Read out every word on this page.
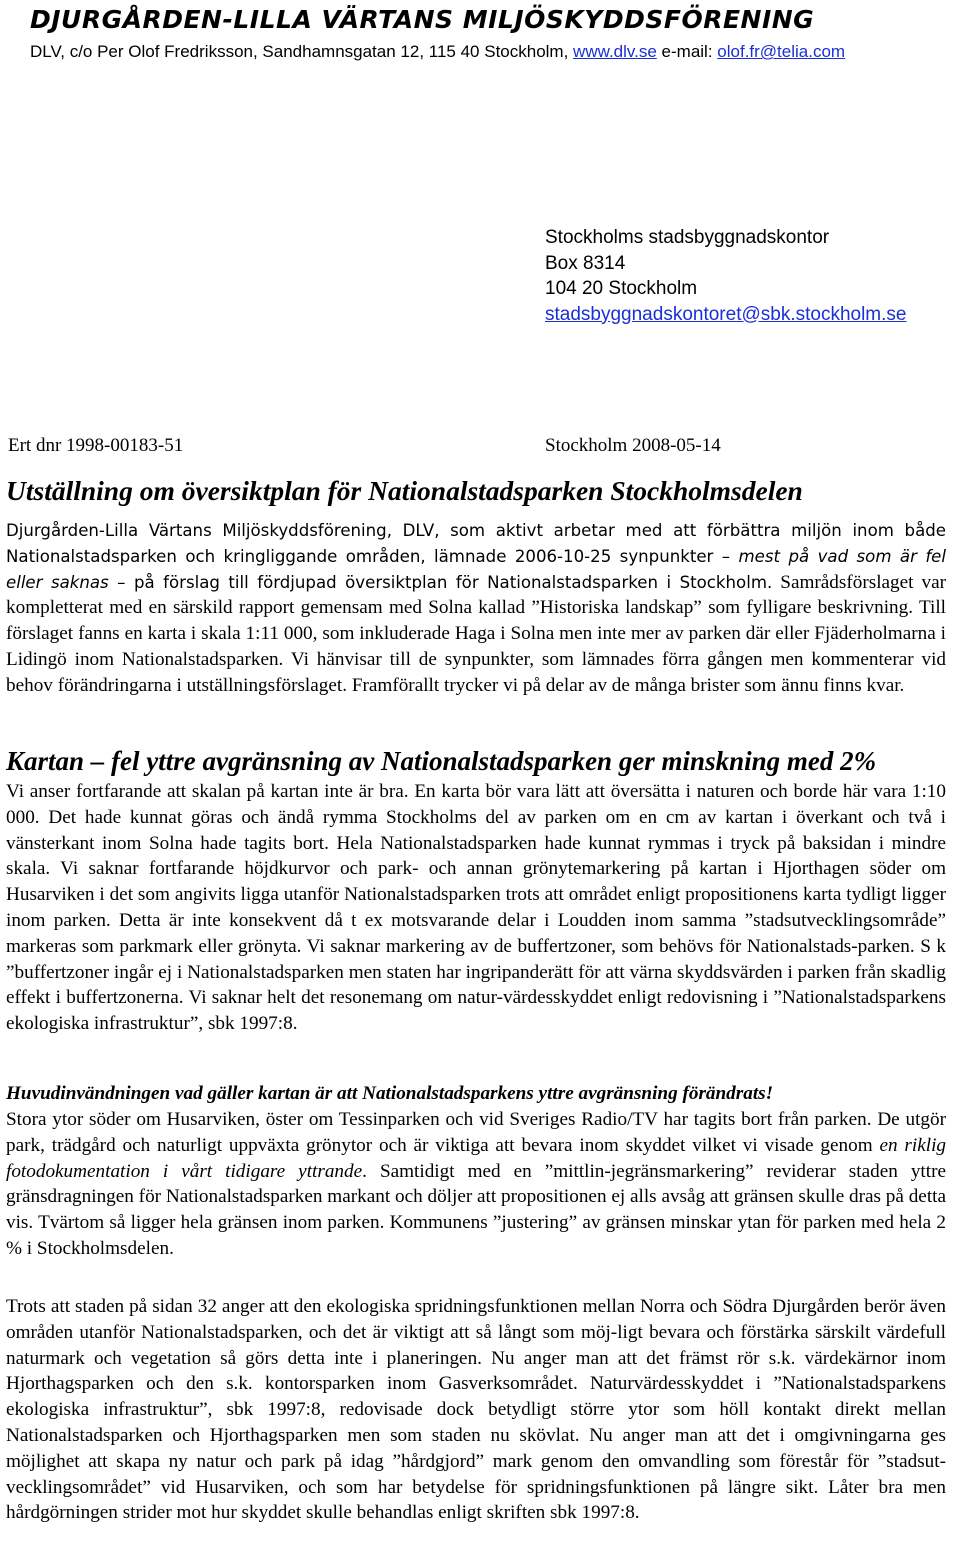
DJURGÅRDEN-LILLA VÄRTANS MILJÖSKYDDSFÖRENING

DLV, c/o Per Olof Fredriksson, Sandhamnsgatan 12, 115 40 Stockholm, www.dlv.se e-mail: olof.fr@telia.com

Stockholms stadsbyggnadskontor
Box 8314
104 20 Stockholm
stadsbyggnadskontoret@sbk.stockholm.se
Ert dnr 1998-00183-51	Stockholm 2008-05-14
Utställning om översiktplan för Nationalstadsparken Stockholmsdelen

Djurgården-Lilla Värtans Miljöskyddsförening, DLV, som aktivt arbetar med att förbättra miljön inom både Nationalstadsparken och kringliggande områden, lämnade 2006-10-25 synpunkter – mest på vad som är fel eller saknas – på förslag till fördjupad översiktplan för Nationalstadsparken i Stockholm. Samrådsförslaget var kompletterat med en särskild rapport gemensam med Solna kallad ”Historiska landskap” som fylligare beskrivning. Till förslaget fanns en karta i skala 1:11 000, som inkluderade Haga i Solna men inte mer av parken där eller Fjäderholmarna i Lidingö inom Nationalstadsparken. Vi hänvisar till de synpunkter, som lämnades förra gången men kommenterar vid behov förändringarna i utställningsförslaget. Framförallt trycker vi på delar av de många brister som ännu finns kvar.

Kartan – fel yttre avgränsning av Nationalstadsparken ger minskning med 2%

Vi anser fortfarande att skalan på kartan inte är bra. En karta bör vara lätt att översätta i naturen och borde här vara 1:10 000. Det hade kunnat göras och ändå rymma Stockholms del av parken om en cm av kartan i överkant och två i vänsterkant inom Solna hade tagits bort. Hela Nationalstadsparken hade kunnat rymmas i tryck på baksidan i mindre skala. Vi saknar fortfarande höjdkurvor och park- och annan grönytemarkering på kartan i Hjorthagen söder om Husarviken i det som angivits ligga utanför Nationalstadsparken trots att området enligt propositionens karta tydligt ligger inom parken. Detta är inte konsekvent då t ex motsvarande delar i Loudden inom samma ”stadsutvecklingsområde” markeras som parkmark eller grönyta. Vi saknar markering av de buffertzoner, som behövs för Nationalstads-parken. S k ”buffertzoner ingår ej i Nationalstadsparken men staten har ingripanderätt för att värna skyddsvärden i parken från skadlig effekt i buffertzonerna. Vi saknar helt det resonemang om natur-värdesskyddet enligt redovisning i ”Nationalstadsparkens ekologiska infrastruktur”, sbk 1997:8.

Huvudinvändningen vad gäller kartan är att Nationalstadsparkens yttre avgränsning förändrats!

Stora ytor söder om Husarviken, öster om Tessinparken och vid Sveriges Radio/TV har tagits bort från parken. De utgör park, trädgård och naturligt uppväxta grönytor och är viktiga att bevara inom skyddet vilket vi visade genom en riklig fotodokumentation i vårt tidigare yttrande. Samtidigt med en ”mittlin-jegränsmarkering” reviderar staden yttre gränsdragningen för Nationalstadsparken markant och döljer att propositionen ej alls avsåg att gränsen skulle dras på detta vis. Tvärtom så ligger hela gränsen inom parken. Kommunens ”justering” av gränsen minskar ytan för parken med hela 2 % i Stockholmsdelen.

Trots att staden på sidan 32 anger att den ekologiska spridningsfunktionen mellan Norra och Södra Djurgården berör även områden utanför Nationalstadsparken, och det är viktigt att så långt som möj-ligt bevara och förstärka särskilt värdefull naturmark och vegetation så görs detta inte i planeringen. Nu anger man att det främst rör s.k. värdekärnor inom Hjorthagsparken och den s.k. kontorsparken inom Gasverksområdet. Naturvärdesskyddet i ”Nationalstadsparkens ekologiska infrastruktur”, sbk 1997:8, redovisade dock betydligt större ytor som höll kontakt direkt mellan Nationalstadsparken och Hjorthagsparken men som staden nu skövlat. Nu anger man att det i omgivningarna ges möjlighet att skapa ny natur och park på idag ”hårdgjord” mark genom den omvandling som förestår för ”stadsut-vecklingsområdet” vid Husarviken, och som har betydelse för spridningsfunktionen på längre sikt. Låter bra men hårdgörningen strider mot hur skyddet skulle behandlas enligt skriften sbk 1997:8.
